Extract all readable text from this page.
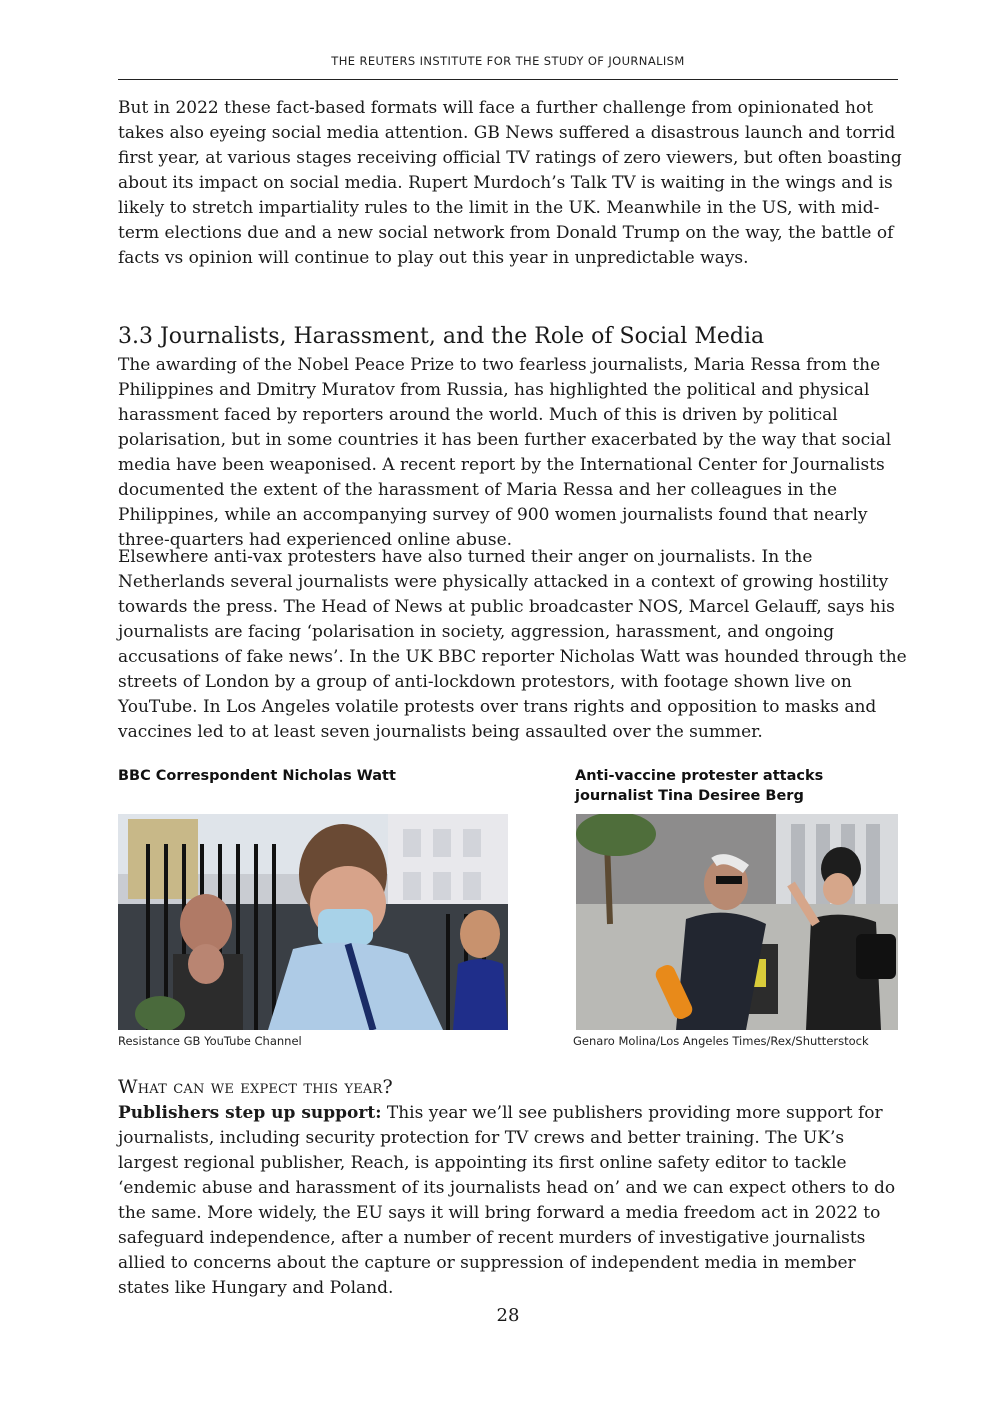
THE REUTERS INSTITUTE FOR THE STUDY OF JOURNALISM

But in 2022 these fact-based formats will face a further challenge from opinionated hot takes also eyeing social media attention. GB News suffered a disastrous launch and torrid first year, at various stages receiving official TV ratings of zero viewers, but often boasting about its impact on social media. Rupert Murdoch’s Talk TV is waiting in the wings and is likely to stretch impartiality rules to the limit in the UK. Meanwhile in the US, with mid-term elections due and a new social network from Donald Trump on the way, the battle of facts vs opinion will continue to play out this year in unpredictable ways.

3.3 Journalists, Harassment, and the Role of Social Media

The awarding of the Nobel Peace Prize to two fearless journalists, Maria Ressa from the Philippines and Dmitry Muratov from Russia, has highlighted the political and physical harassment faced by reporters around the world. Much of this is driven by political polarisation, but in some countries it has been further exacerbated by the way that social media have been weaponised. A recent report by the International Center for Journalists documented the extent of the harassment of Maria Ressa and her colleagues in the Philippines, while an accompanying survey of 900 women journalists found that nearly three-quarters had experienced online abuse.

Elsewhere anti-vax protesters have also turned their anger on journalists. In the Netherlands several journalists were physically attacked in a context of growing hostility towards the press. The Head of News at public broadcaster NOS, Marcel Gelauff, says his journalists are facing ‘polarisation in society, aggression, harassment, and ongoing accusations of fake news’. In the UK BBC reporter Nicholas Watt was hounded through the streets of London by a group of anti-lockdown protestors, with footage shown live on YouTube. In Los Angeles volatile protests over trans rights and opposition to masks and vaccines led to at least seven journalists being assaulted over the summer.

BBC Correspondent Nicholas Watt	Anti-vaccine protester attacks journalist Tina Desiree Berg
Resistance GB YouTube Channel	Genaro Molina/Los Angeles Times/Rex/Shutterstock
What can we expect this year?

Publishers step up support: This year we’ll see publishers providing more support for journalists, including security protection for TV crews and better training. The UK’s largest regional publisher, Reach, is appointing its first online safety editor to tackle ‘endemic abuse and harassment of its journalists head on’ and we can expect others to do the same. More widely, the EU says it will bring forward a media freedom act in 2022 to safeguard independence, after a number of recent murders of investigative journalists allied to concerns about the capture or suppression of independent media in member states like Hungary and Poland.

28
